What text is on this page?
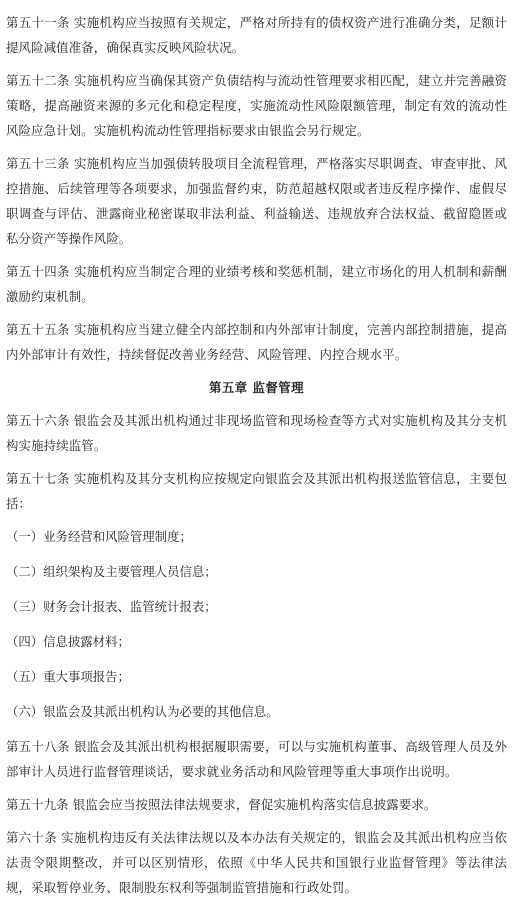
第五十一条 实施机构应当按照有关规定，严格对所持有的债权资产进行准确分类，足额计提风险减值准备，确保真实反映风险状况。

第五十二条 实施机构应当确保其资产负债结构与流动性管理要求相匹配，建立并完善融资策略，提高融资来源的多元化和稳定程度，实施流动性风险限额管理，制定有效的流动性风险应急计划。实施机构流动性管理指标要求由银监会另行规定。

第五十三条 实施机构应当加强债转股项目全流程管理，严格落实尽职调查、审查审批、风控措施、后续管理等各项要求，加强监督约束，防范超越权限或者违反程序操作、虚假尽职调查与评估、泄露商业秘密谋取非法利益、利益输送、违规放弃合法权益、截留隐匿或私分资产等操作风险。

第五十四条 实施机构应当制定合理的业绩考核和奖惩机制，建立市场化的用人机制和薪酬激励约束机制。

第五十五条 实施机构应当建立健全内部控制和内外部审计制度，完善内部控制措施，提高内外部审计有效性，持续督促改善业务经营、风险管理、内控合规水平。

第五章 监督管理

第五十六条 银监会及其派出机构通过非现场监管和现场检查等方式对实施机构及其分支机构实施持续监管。

第五十七条 实施机构及其分支机构应按规定向银监会及其派出机构报送监管信息，主要包括：

（一）业务经营和风险管理制度；

（二）组织架构及主要管理人员信息；

（三）财务会计报表、监管统计报表；

（四）信息披露材料；

（五）重大事项报告；

（六）银监会及其派出机构认为必要的其他信息。

第五十八条 银监会及其派出机构根据履职需要，可以与实施机构董事、高级管理人员及外部审计人员进行监督管理谈话，要求就业务活动和风险管理等重大事项作出说明。

第五十九条 银监会应当按照法律法规要求，督促实施机构落实信息披露要求。

第六十条 实施机构违反有关法律法规以及本办法有关规定的，银监会及其派出机构应当依法责令限期整改，并可以区别情形，依照《中华人民共和国银行业监督管理》等法律法规，采取暂停业务、限制股东权利等强制监管措施和行政处罚。
